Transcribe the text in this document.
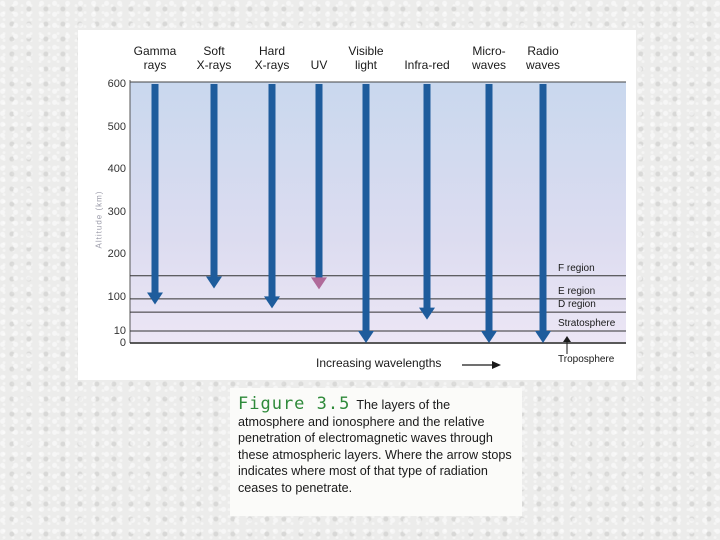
Gamma
rays
Soft
X-rays
Hard
X-rays	UV
Visible
light	Infra-red
Micro-
waves
Radio
waves
600
500
400
300
200
100
10
0
F region
E region
D region
Stratosphere
Altitude (km)
Increasing wavelengths	Troposphere

Figure 3.5 The layers of the atmosphere and ionosphere and the relative penetration of electromagnetic waves through these atmospheric layers. Where the arrow stops indicates where most of that type of radiation ceases to penetrate.
